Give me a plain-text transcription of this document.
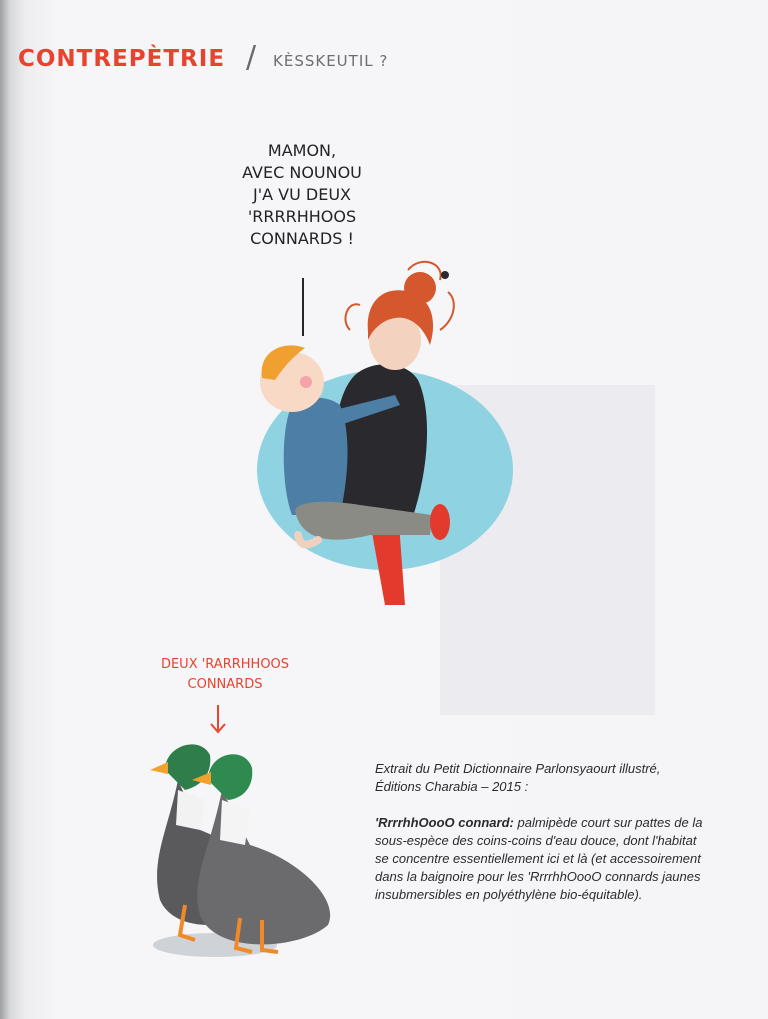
CONTREPÈTRIE / KÈSSKEUTIL ?
MAMON,
AVEC NOUNOU
J'A VU DEUX
'RRRRHHOOS
CONNARDS !
DEUX 'RARRHHOOS
CONNARDS

Extrait du Petit Dictionnaire Parlonsyaourt illustré,

Éditions Charabia – 2015 :

'RrrrhhOooO connard: palmipède court sur pattes de la sous-espèce des coins-coins d'eau douce, dont l'habitat se concentre essentiellement ici et là (et accessoirement dans la baignoire pour les 'RrrrhhOooO connards jaunes insubmersibles en polyéthylène bio-équitable).
